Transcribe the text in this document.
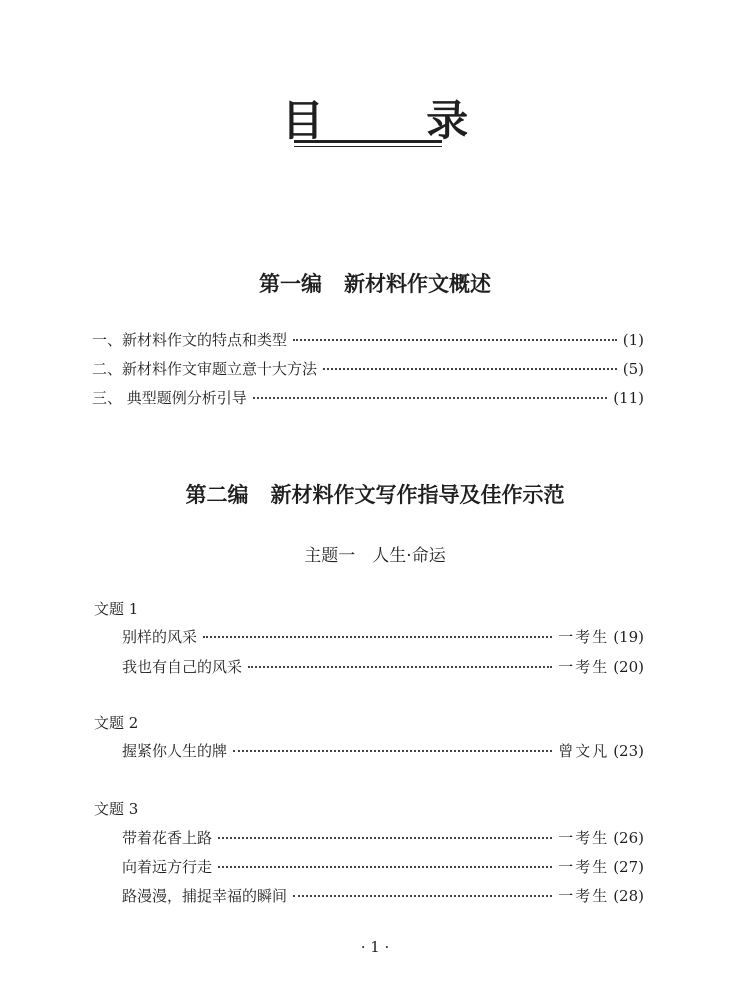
目 录
第一编 新材料作文概述
一、新材料作文的特点和类型	(1)
二、新材料作文审题立意十大方法	(5)
三、 典型题例分析引导	(11)
第二编 新材料作文写作指导及佳作示范
主题一　人生·命运
文题 1
别样的风采	一考生 (19)
我也有自己的风采	一考生 (20)
文题 2
握紧你人生的牌	曾文凡 (23)
文题 3
带着花香上路	一考生 (26)
向着远方行走	一考生 (27)
路漫漫，捕捉幸福的瞬间	一考生 (28)
· 1 ·
